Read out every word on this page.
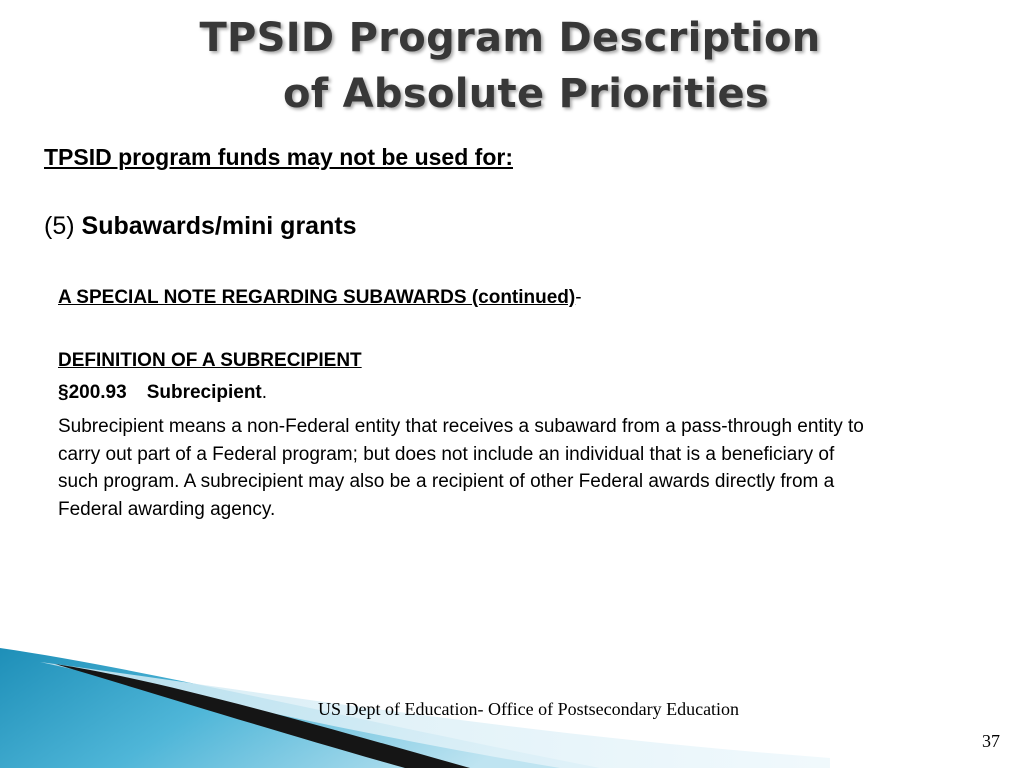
TPSID Program Description
of Absolute Priorities

TPSID program funds may not be used for:

(5) Subawards/mini grants

A SPECIAL NOTE REGARDING SUBAWARDS (continued)-

DEFINITION OF A SUBRECIPIENT

§200.93 Subrecipient.

Subrecipient means a non-Federal entity that receives a subaward from a pass-through entity to carry out part of a Federal program; but does not include an individual that is a beneficiary of such program. A subrecipient may also be a recipient of other Federal awards directly from a Federal awarding agency.

US Dept of Education- Office of Postsecondary Education

37
